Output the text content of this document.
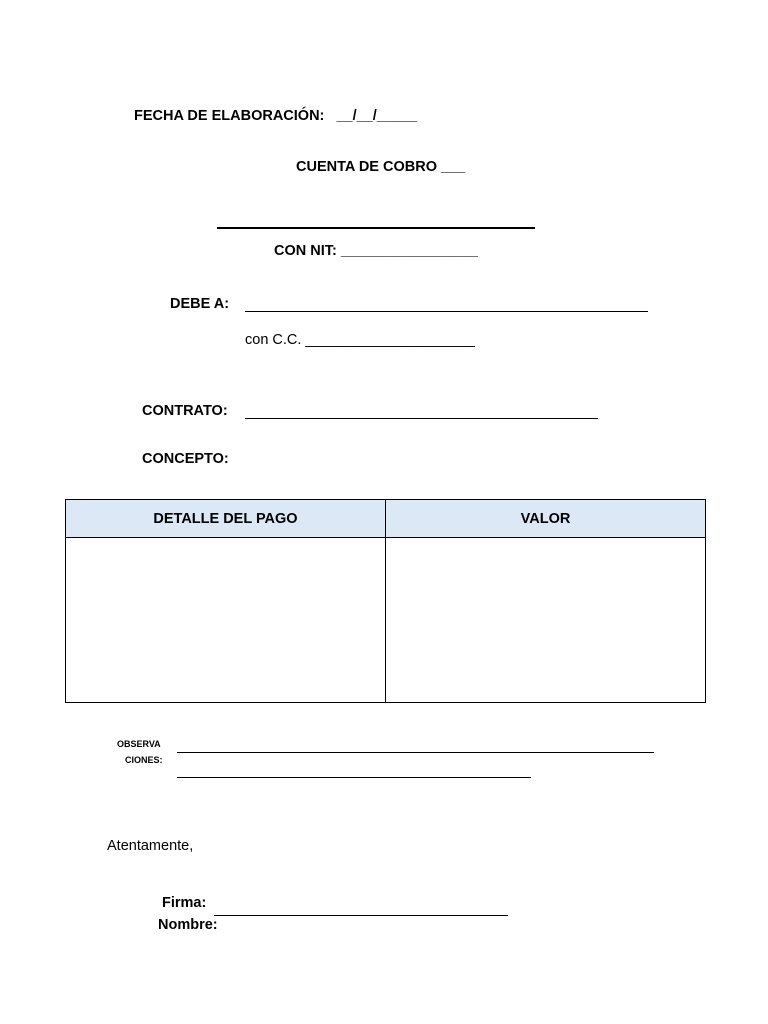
FECHA DE ELABORACIÓN:   __/__/_____
CUENTA DE COBRO ___
CON NIT: _________________
DEBE A:
con C.C. _____________________
CONTRATO:
CONCEPTO:
DETALLE DEL PAGO	VALOR

OBSERVA
CIONES:
Atentamente,
Firma:
Nombre:
